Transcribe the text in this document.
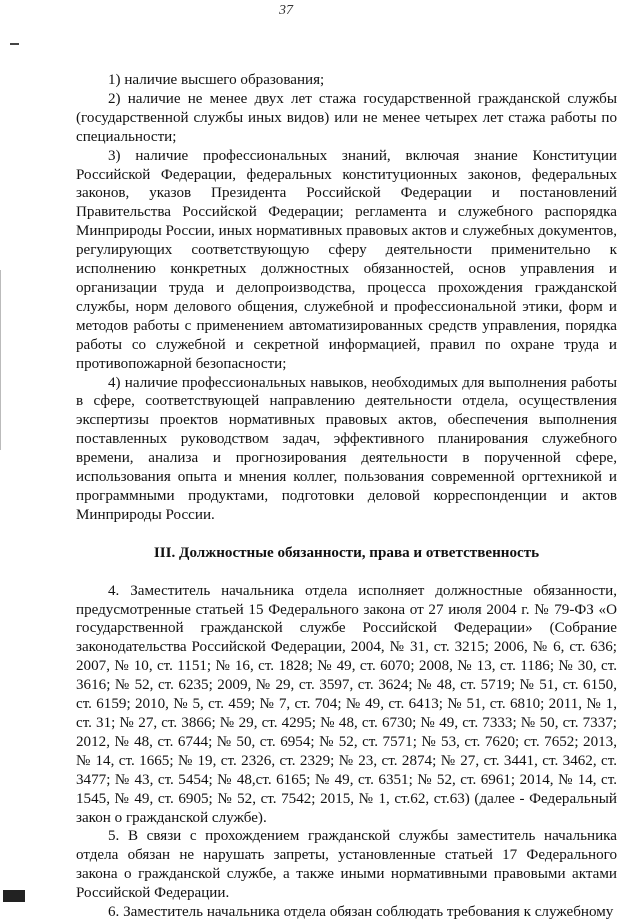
37

1) наличие высшего образования;

2) наличие не менее двух лет стажа государственной гражданской службы (государственной службы иных видов) или не менее четырех лет стажа работы по специальности;

3) наличие профессиональных знаний, включая знание Конституции Российской Федерации, федеральных конституционных законов, федеральных законов, указов Президента Российской Федерации и постановлений Правительства Российской Федерации; регламента и служебного распорядка Минприроды России, иных нормативных правовых актов и служебных документов, регулирующих соответствующую сферу деятельности применительно к исполнению конкретных должностных обязанностей, основ управления и организации труда и делопроизводства, процесса прохождения гражданской службы, норм делового общения, служебной и профессиональной этики, форм и методов работы с применением автоматизированных средств управления, порядка работы со служебной и секретной информацией, правил по охране труда и противопожарной безопасности;

4) наличие профессиональных навыков, необходимых для выполнения работы в сфере, соответствующей направлению деятельности отдела, осуществления экспертизы проектов нормативных правовых актов, обеспечения выполнения поставленных руководством задач, эффективного планирования служебного времени, анализа и прогнозирования деятельности в порученной сфере, использования опыта и мнения коллег, пользования современной оргтехникой и программными продуктами, подготовки деловой корреспонденции и актов Минприроды России.

III. Должностные обязанности, права и ответственность

4. Заместитель начальника отдела исполняет должностные обязанности, предусмотренные статьей 15 Федерального закона от 27 июля 2004 г. № 79-ФЗ «О государственной гражданской службе Российской Федерации» (Собрание законодательства Российской Федерации, 2004, № 31, ст. 3215; 2006, № 6, ст. 636; 2007, № 10, ст. 1151; № 16, ст. 1828; № 49, ст. 6070; 2008, № 13, ст. 1186; № 30, ст. 3616; № 52, ст. 6235; 2009, № 29, ст. 3597, ст. 3624; № 48, ст. 5719; № 51, ст. 6150, ст. 6159; 2010, № 5, ст. 459; № 7, ст. 704; № 49, ст. 6413; № 51, ст. 6810; 2011, № 1, ст. 31; № 27, ст. 3866; № 29, ст. 4295; № 48, ст. 6730; № 49, ст. 7333; № 50, ст. 7337; 2012, № 48, ст. 6744; № 50, ст. 6954; № 52, ст. 7571; № 53, ст. 7620; ст. 7652; 2013, № 14, ст. 1665; № 19, ст. 2326, ст. 2329; № 23, ст. 2874; № 27, ст. 3441, ст. 3462, ст. 3477; № 43, ст. 5454; № 48,ст. 6165; № 49, ст. 6351; № 52, ст. 6961; 2014, № 14, ст. 1545, № 49, ст. 6905; № 52, ст. 7542; 2015, № 1, ст.62, ст.63) (далее - Федеральный закон о гражданской службе).

5. В связи с прохождением гражданской службы заместитель начальника отдела обязан не нарушать запреты, установленные статьей 17 Федерального закона о гражданской службе, а также иными нормативными правовыми актами Российской Федерации.

6. Заместитель начальника отдела обязан соблюдать требования к служебному
